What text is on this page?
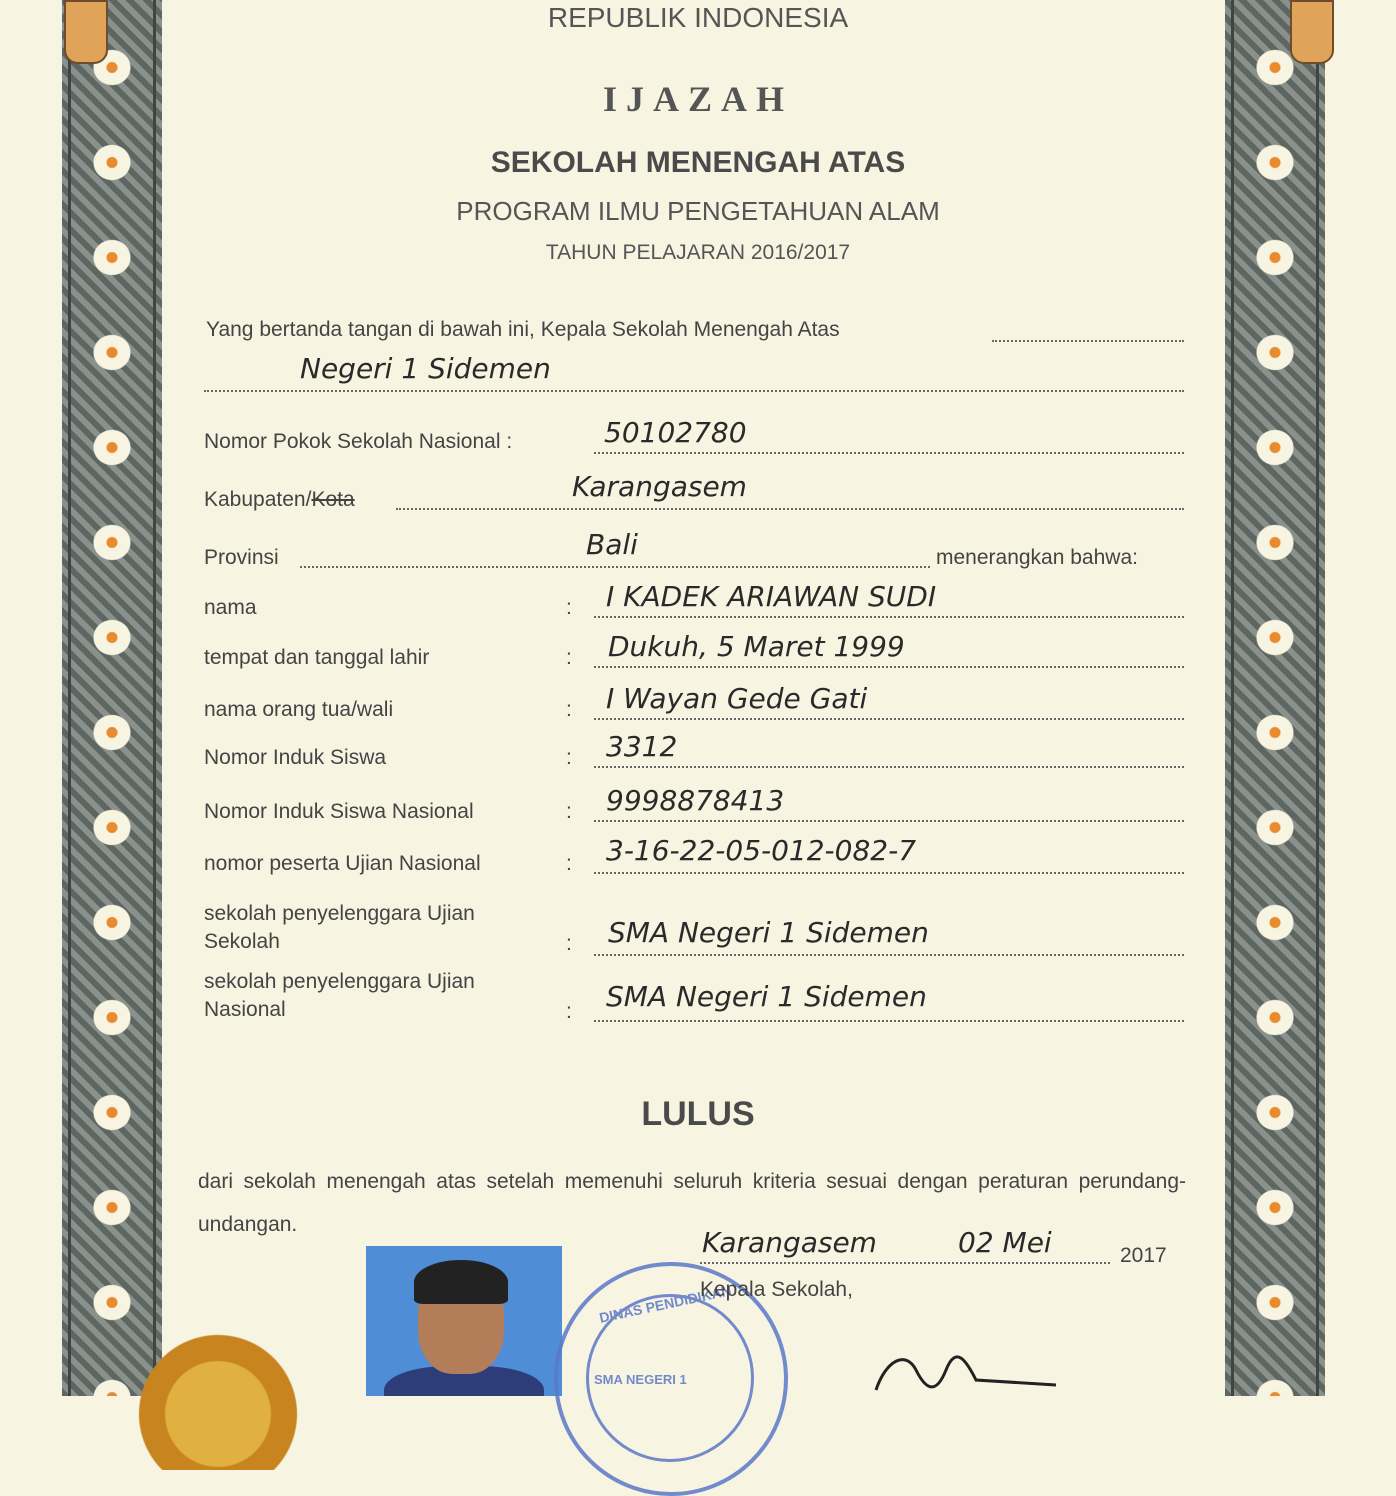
REPUBLIK INDONESIA
IJAZAH
SEKOLAH MENENGAH ATAS
PROGRAM ILMU PENGETAHUAN ALAM
TAHUN PELAJARAN 2016/2017
Yang bertanda tangan di bawah ini, Kepala Sekolah Menengah Atas
Negeri 1 Sidemen
Nomor Pokok Sekolah Nasional :	50102780
Kabupaten/Kota	Karangasem
Provinsi	Bali	menerangkan bahwa:
nama	: I KADEK ARIAWAN SUDI
tempat dan tanggal lahir	: Dukuh, 5 Maret 1999
nama orang tua/wali	: I Wayan Gede Gati
Nomor Induk Siswa	: 3312
Nomor Induk Siswa Nasional	: 9998878413
nomor peserta Ujian Nasional	: 3-16-22-05-012-082-7
sekolah penyelenggara Ujian
Sekolah	: SMA Negeri 1 Sidemen
sekolah penyelenggara Ujian
Nasional	: SMA Negeri 1 Sidemen
LULUS
dari sekolah menengah atas setelah memenuhi seluruh kriteria sesuai dengan peraturan perundang-undangan.
DINAS PENDIDIKAN
SMA NEGERI 1
Karangasem	02 Mei	2017
Kepala Sekolah,
